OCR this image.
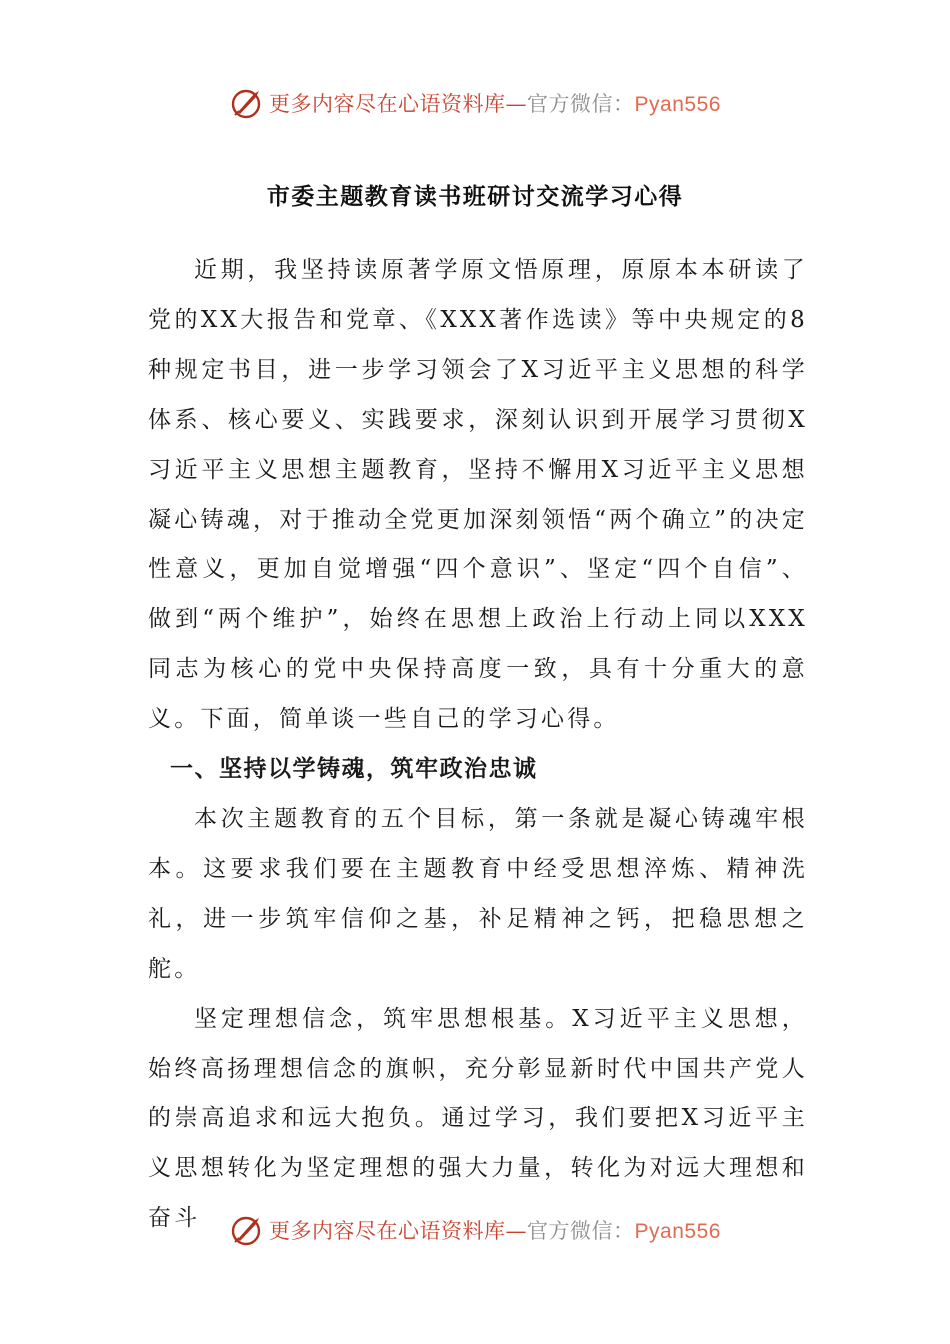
更多内容尽在心语资料库—官方微信：Pyan556
市委主题教育读书班研讨交流学习心得

近期，我坚持读原著学原文悟原理，原原本本研读了党的XX大报告和党章、《XXX著作选读》等中央规定的8种规定书目，进一步学习领会了X习近平主义思想的科学体系、核心要义、实践要求，深刻认识到开展学习贯彻X习近平主义思想主题教育，坚持不懈用X习近平主义思想凝心铸魂，对于推动全党更加深刻领悟“两个确立”的决定性意义，更加自觉增强“四个意识”、坚定“四个自信”、做到“两个维护”，始终在思想上政治上行动上同以XXX同志为核心的党中央保持高度一致，具有十分重大的意义。下面，简单谈一些自己的学习心得。

一、坚持以学铸魂，筑牢政治忠诚

本次主题教育的五个目标，第一条就是凝心铸魂牢根本。这要求我们要在主题教育中经受思想淬炼、精神洗礼，进一步筑牢信仰之基，补足精神之钙，把稳思想之舵。

坚定理想信念，筑牢思想根基。X习近平主义思想，始终高扬理想信念的旗帜，充分彰显新时代中国共产党人的崇高追求和远大抱负。通过学习，我们要把X习近平主义思想转化为坚定理想的强大力量，转化为对远大理想和奋斗	更多内容尽在心语资料库—官方微信：Pyan556
